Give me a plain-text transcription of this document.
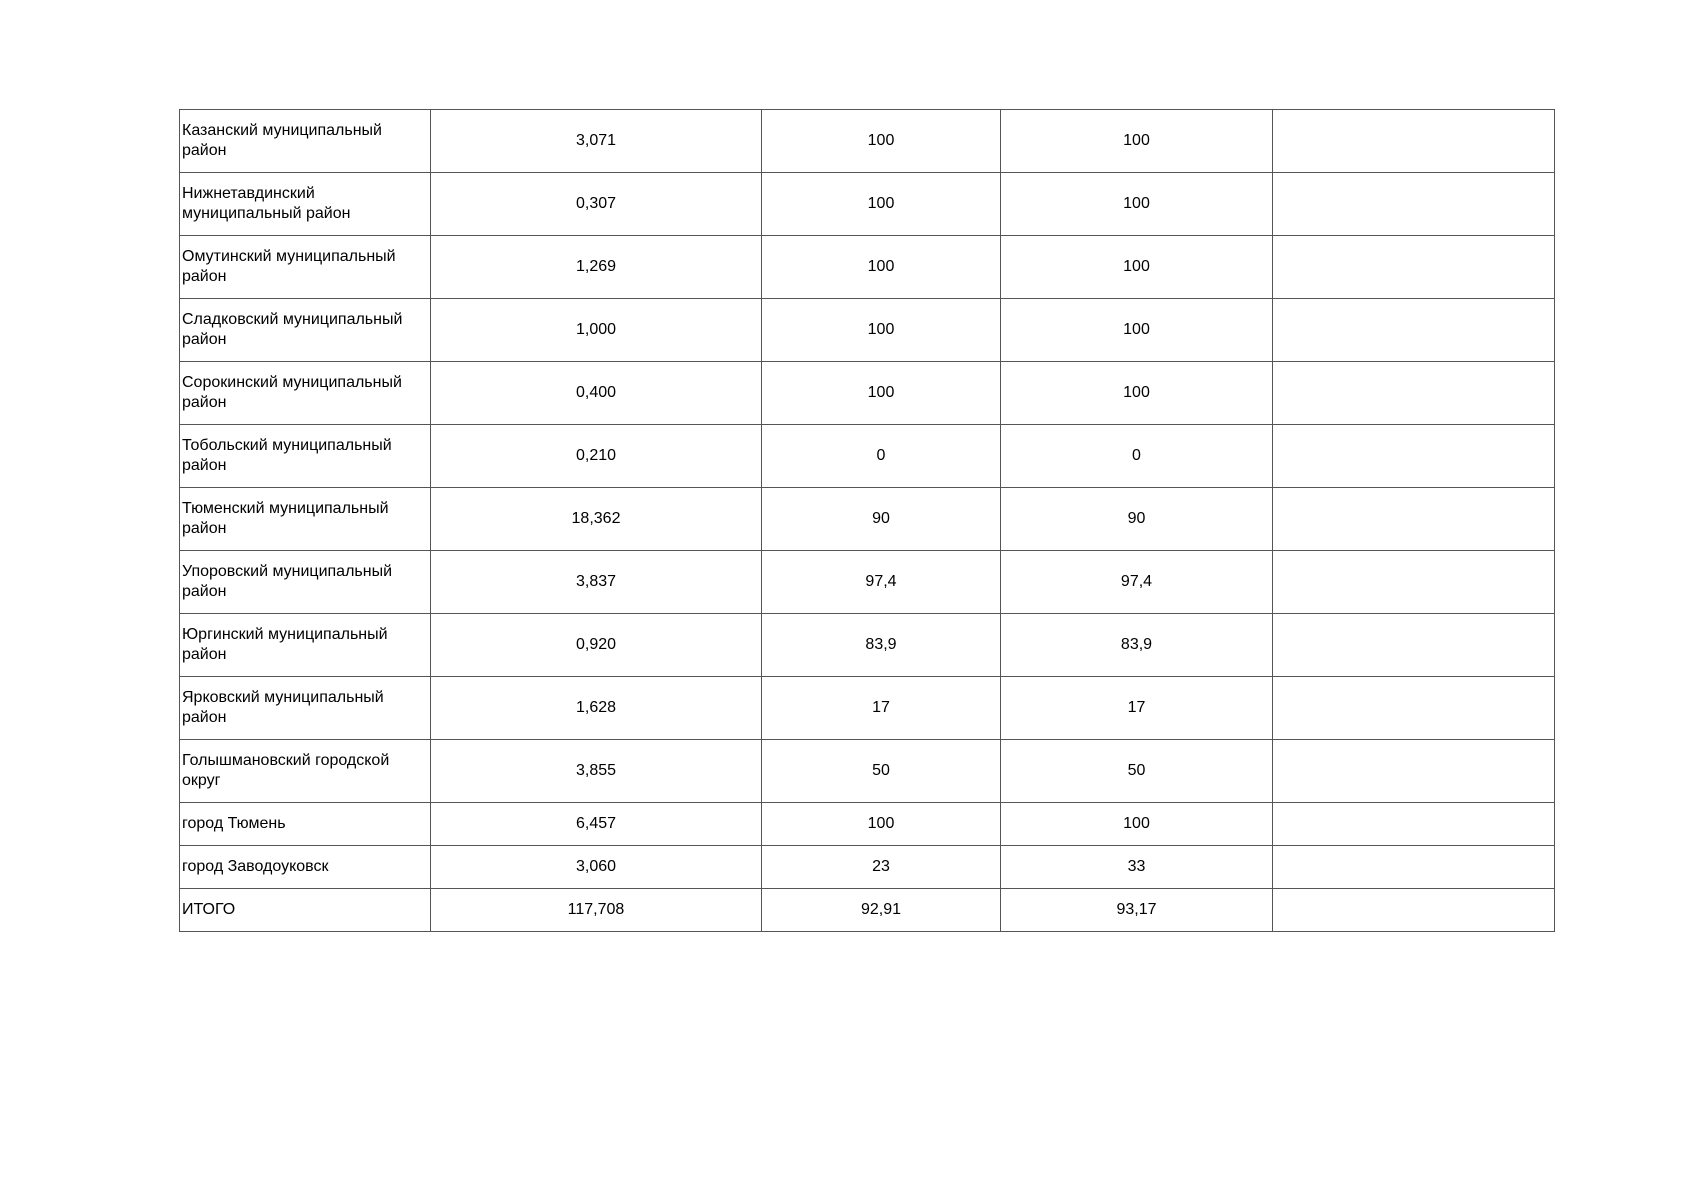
Казанский муниципальный район	3,071	100	100	
Нижнетавдинский муниципальный район	0,307	100	100	
Омутинский муниципальный район	1,269	100	100	
Сладковский муниципальный район	1,000	100	100	
Сорокинский муниципальный район	0,400	100	100	
Тобольский муниципальный район	0,210	0	0	
Тюменский муниципальный район	18,362	90	90	
Упоровский муниципальный район	3,837	97,4	97,4	
Юргинский муниципальный район	0,920	83,9	83,9	
Ярковский муниципальный район	1,628	17	17	
Голышмановский городской округ	3,855	50	50	
город Тюмень	6,457	100	100	
город Заводоуковск	3,060	23	33	
ИТОГО	117,708	92,91	93,17	
